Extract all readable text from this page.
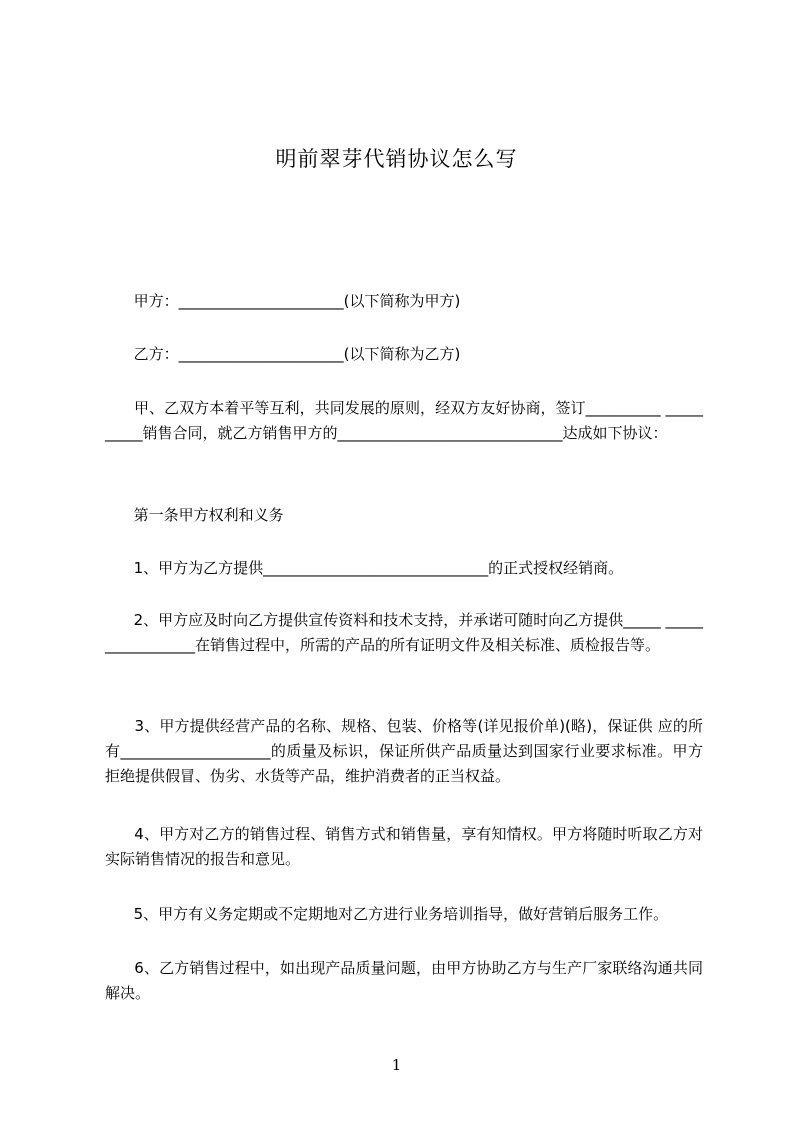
明前翠芽代销协议怎么写
甲方：______________________(以下简称为甲方)
乙方：______________________(以下简称为乙方)
甲、乙双方本着平等互利，共同发展的原则，经双方友好协商，签订__________ __________销售合同，就乙方销售甲方的______________________________达成如下协议：
第一条甲方权利和义务
1、甲方为乙方提供______________________________的正式授权经销商。
2、甲方应及时向乙方提供宣传资料和技术支持，并承诺可随时向乙方提供_____ _________________在销售过程中，所需的产品的所有证明文件及相关标准、质检报告等。
3、甲方提供经营产品的名称、规格、包装、价格等(详见报价单)(略)，保证供 应的所有____________________的质量及标识，保证所供产品质量达到国家行业要求标准。甲方拒绝提供假冒、伪劣、水货等产品，维护消费者的正当权益。
4、甲方对乙方的销售过程、销售方式和销售量，享有知情权。甲方将随时听取乙方对实际销售情况的报告和意见。
5、甲方有义务定期或不定期地对乙方进行业务培训指导，做好营销后服务工作。
6、乙方销售过程中，如出现产品质量问题，由甲方协助乙方与生产厂家联络沟通共同解决。
1
